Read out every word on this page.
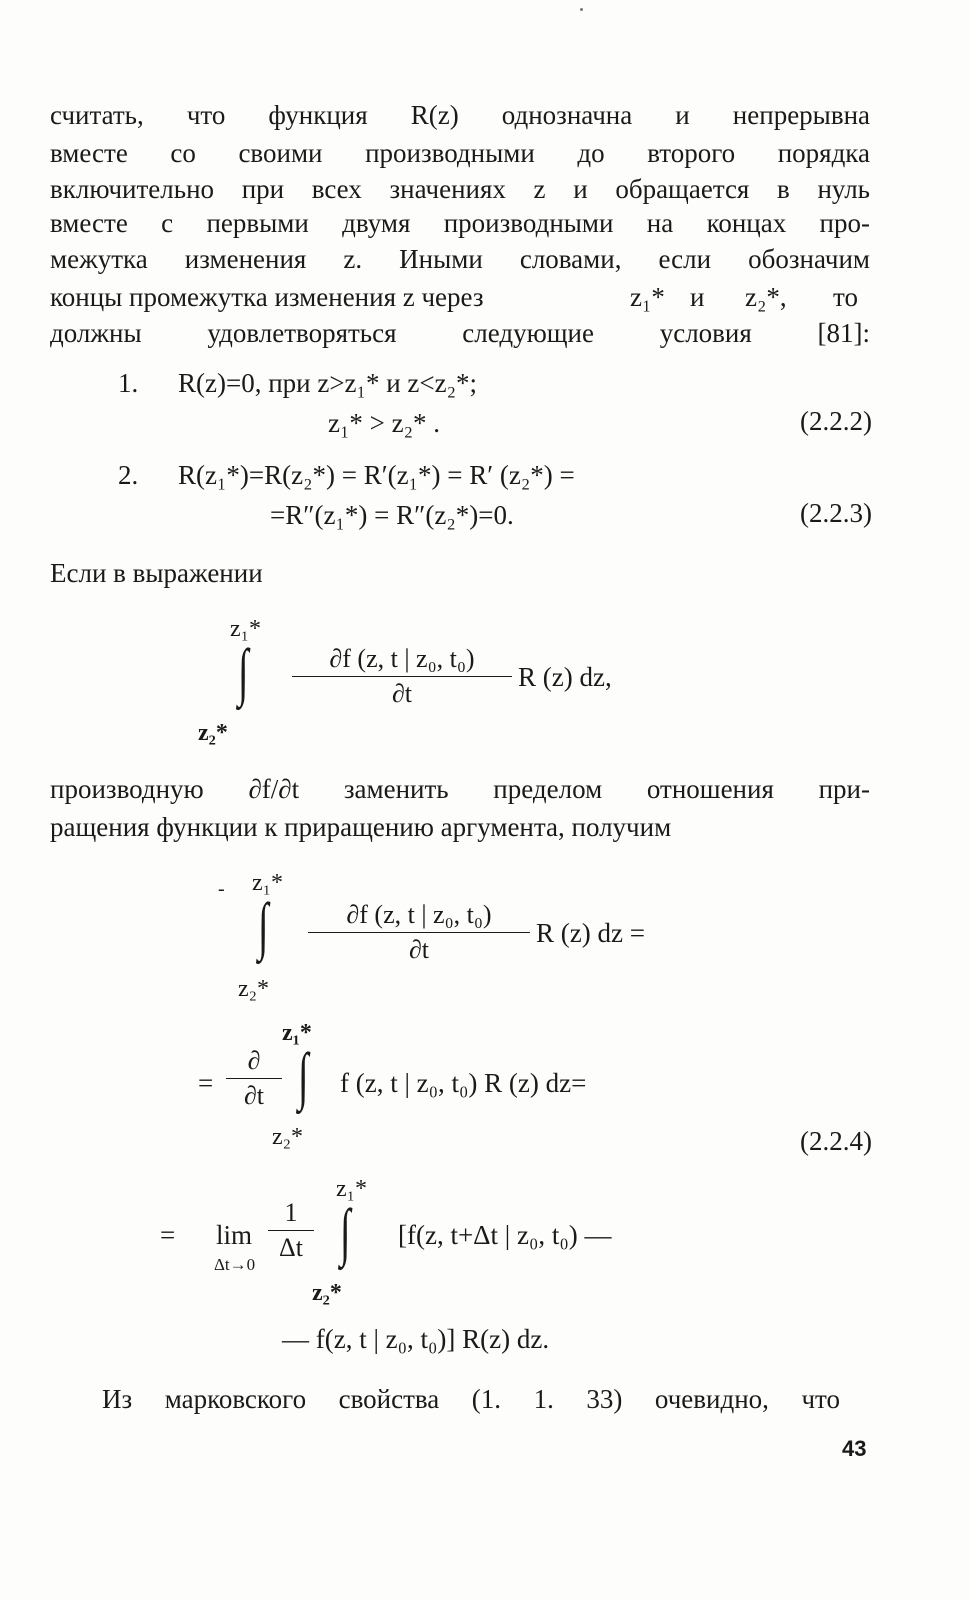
считать, что функция R(z) однозначна и непрерывна
вместе со своими производными до второго порядка
включительно при всех значениях z и обращается в нуль
вместе с первыми двумя производными на концах про-
межутка изменения z. Иными словами, если обозначим
концы промежутка изменения z через	z₁* и z₂*, то
должны удовлетворяться следующие условия [81]:
1. R(z)=0, при z>z₁* и z<z₂*;
z₁* > z₂* .	(2.2.2)
2. R(z₁*)=R(z₂*) = R′(z₁*) = R′ (z₂*) =
=R″(z₁*) = R″(z₂*)=0.	(2.2.3)
Если в выражении
z₁*
∫
z₂*
$\frac{\text{∂f (z, t | z₀, t₀)}}{\partial t}$ R (z) dz,
производную ∂f/∂t заменить пределом отношения при-
ращения функции к приращению аргумента, получим
- z₁*
∫
z₂*
$\frac{\text{∂f (z, t | z₀, t₀)}}{\partial t}$ R (z) dz =
z₁*
=
∂
∂t ∫
z₂*
f (z, t | z₀, t₀) R (z) dz=
(2.2.4)
z₁*
= lim
Δt→0
$\frac{1}{\Delta t}$ ∫
z₂*
[f(z, t+Δt | z₀, t₀) —
— f(z, t | z₀, t₀)] R(z) dz.
Из марковского свойства (1. 1. 33) очевидно, что
43
